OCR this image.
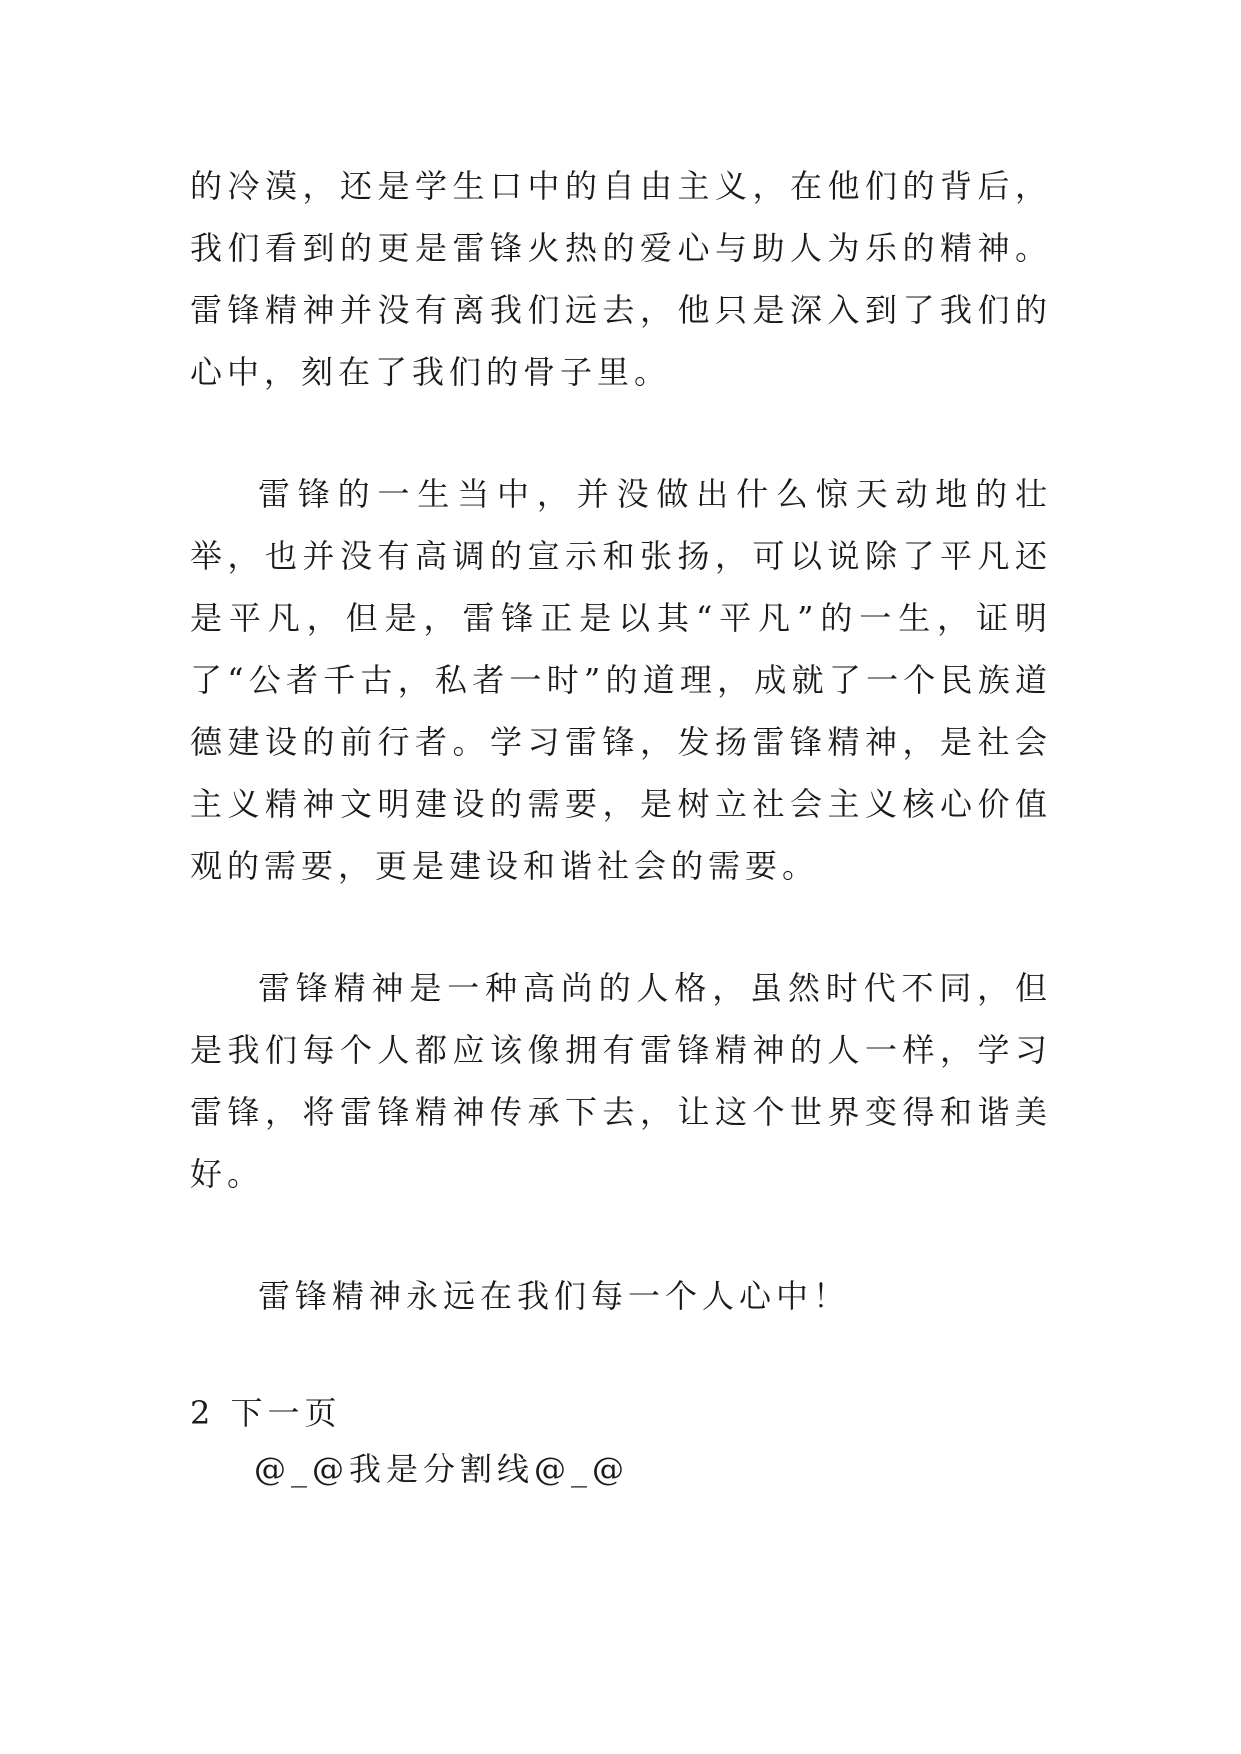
的冷漠，还是学生口中的自由主义，在他们的背后，我们看到的更是雷锋火热的爱心与助人为乐的精神。雷锋精神并没有离我们远去，他只是深入到了我们的心中，刻在了我们的骨子里。

雷锋的一生当中，并没做出什么惊天动地的壮举，也并没有高调的宣示和张扬，可以说除了平凡还是平凡，但是，雷锋正是以其“平凡”的一生，证明了“公者千古，私者一时”的道理，成就了一个民族道德建设的前行者。学习雷锋，发扬雷锋精神，是社会主义精神文明建设的需要，是树立社会主义核心价值观的需要，更是建设和谐社会的需要。

雷锋精神是一种高尚的人格，虽然时代不同，但是我们每个人都应该像拥有雷锋精神的人一样，学习雷锋，将雷锋精神传承下去，让这个世界变得和谐美好。

雷锋精神永远在我们每一个人心中！

2 下一页

@_@我是分割线@_@
